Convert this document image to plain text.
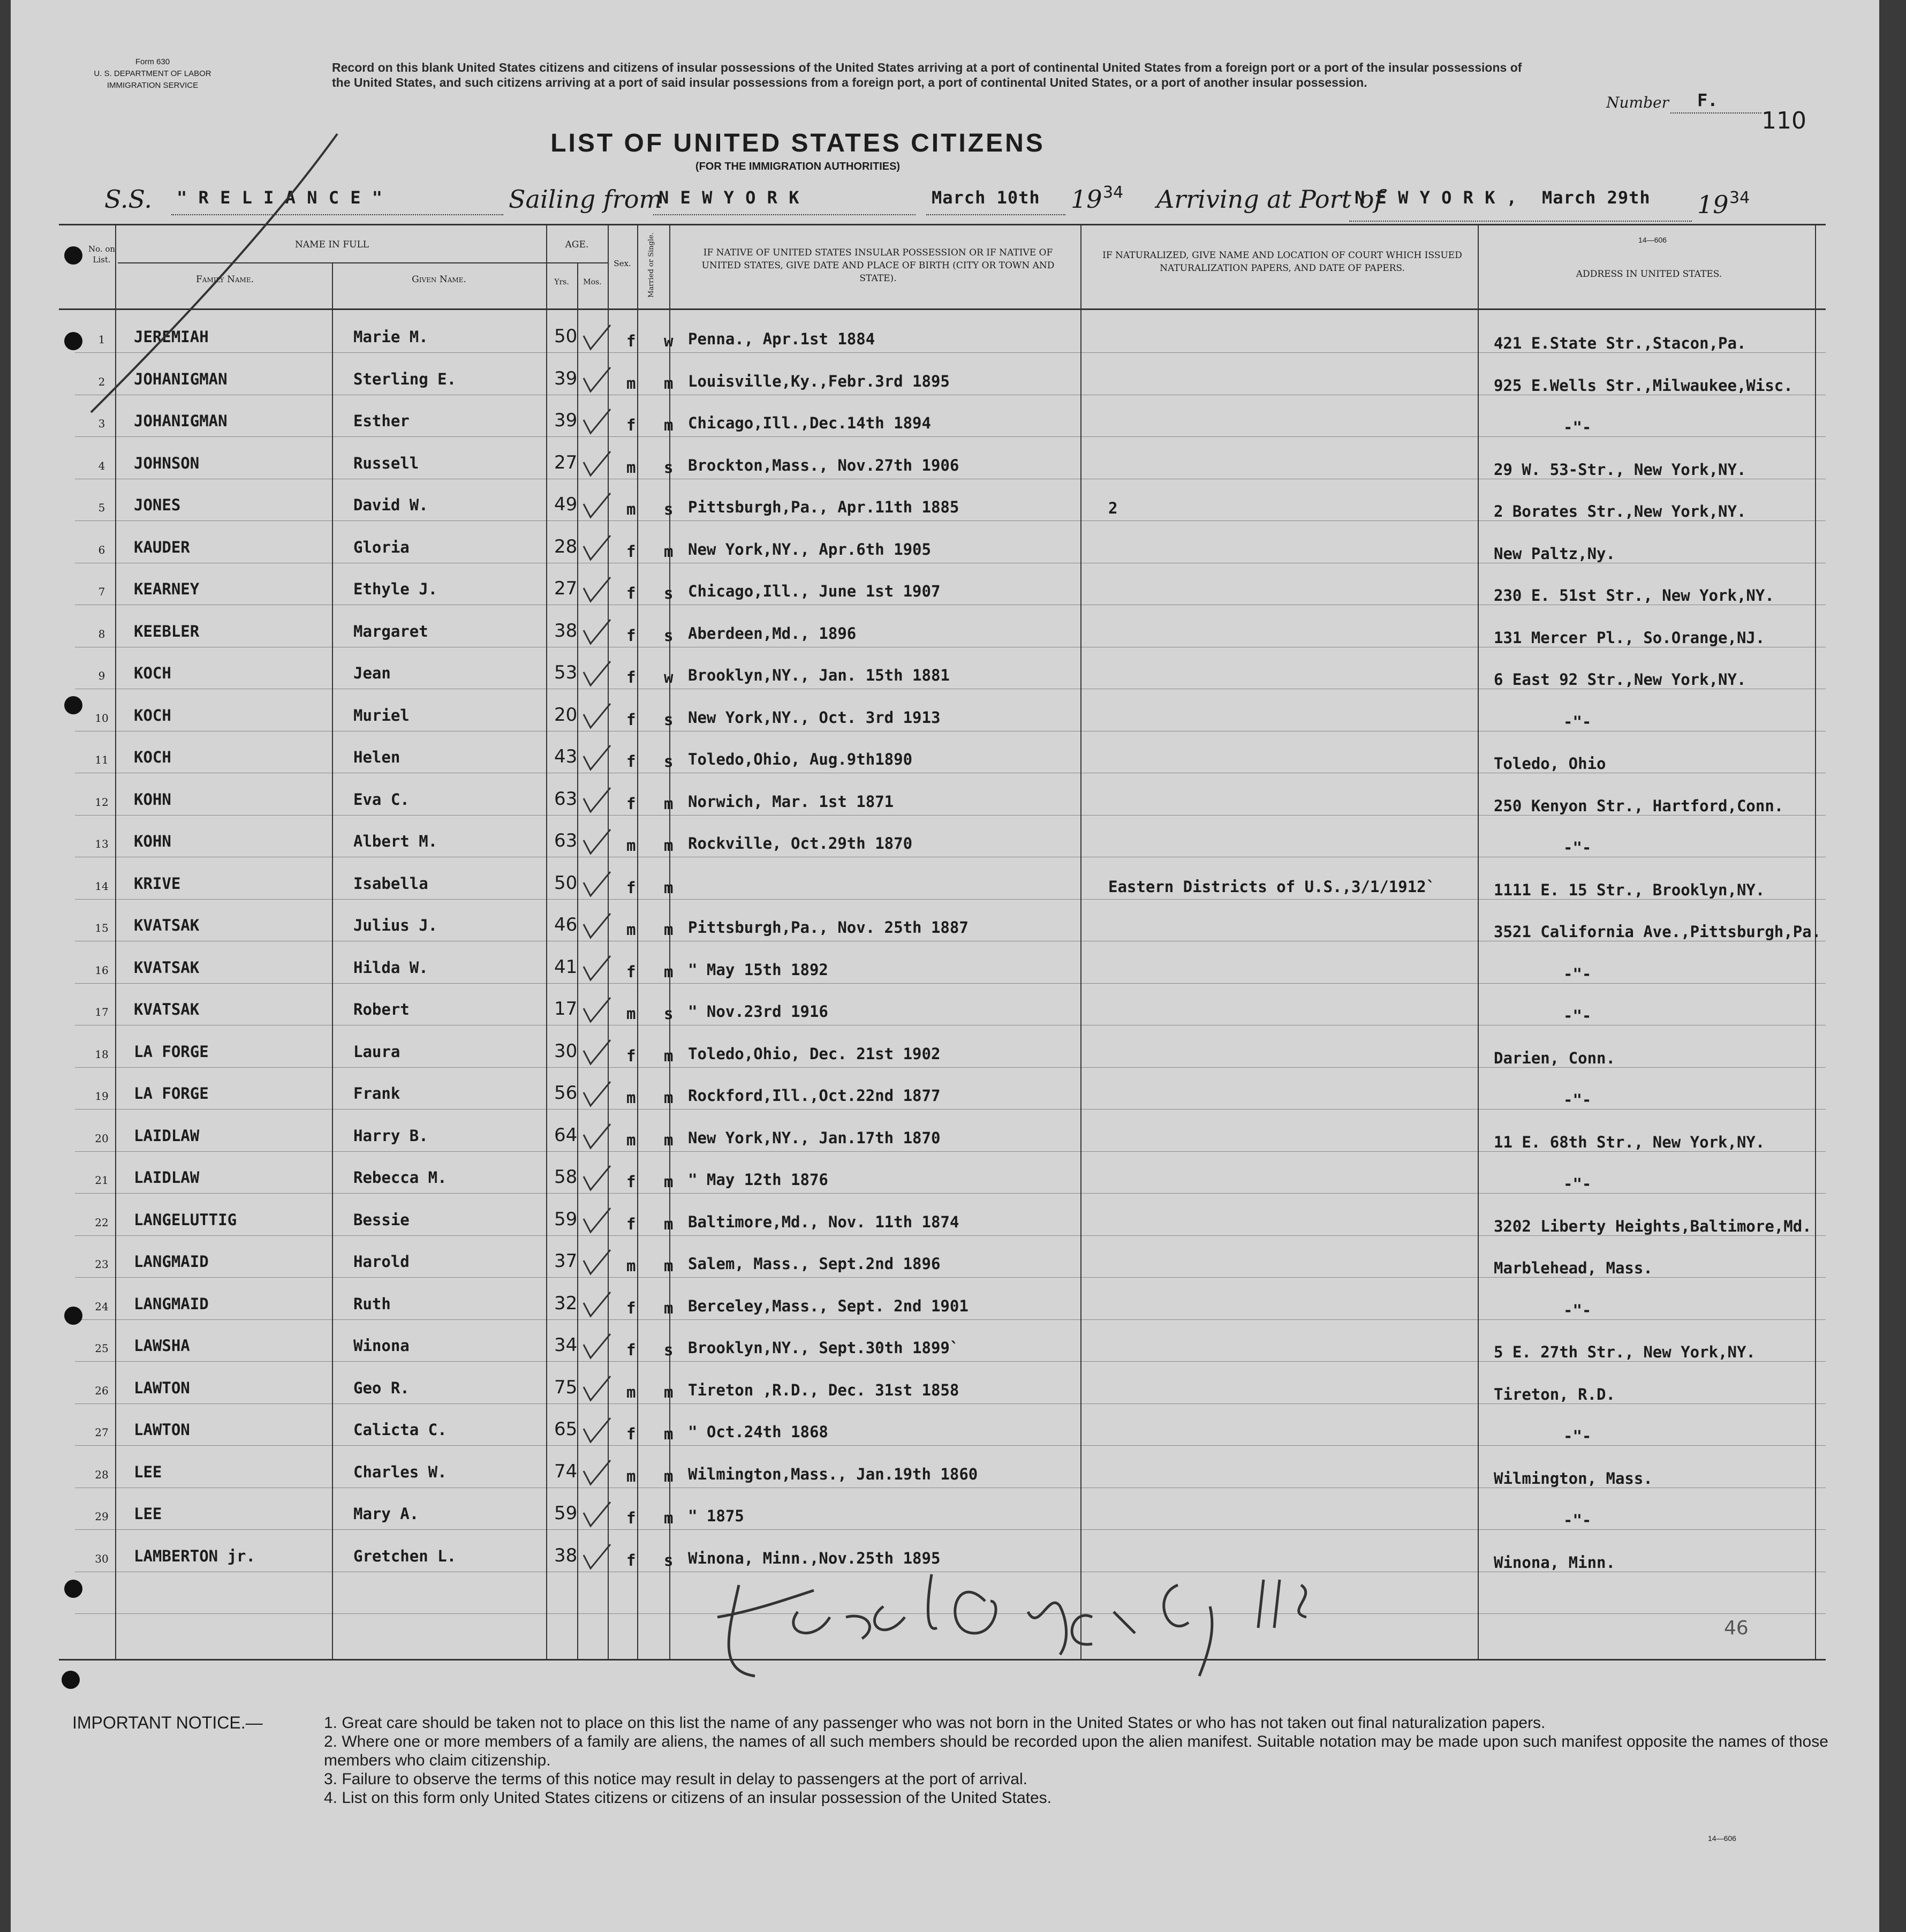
Form 630
U. S. DEPARTMENT OF LABOR
IMMIGRATION SERVICE
Record on this blank United States citizens and citizens of insular possessions of the United States arriving at a port of continental United States from a foreign port or a port of the insular possessions of the United States, and such citizens arriving at a port of said insular possessions from a foreign port, a port of continental United States, or a port of another insular possession.
Number F.
110
LIST OF UNITED STATES CITIZENS
(FOR THE IMMIGRATION AUTHORITIES)
S.S. " R E L I A N C E "	Sailing from
N E W Y O R K	March 10th 19 34 Arriving at Port of
N E W Y O R K , March 29th 19 34
14—606
No. on List.
NAME IN FULL
Family Name.	Given Name.
AGE.
Yrs.	Mos.
Sex.	Married or Single.	IF NATIVE OF UNITED STATES INSULAR POSSESSION OR IF NATIVE OF UNITED STATES, GIVE DATE AND PLACE OF BIRTH (CITY OR TOWN AND STATE).
IF NATURALIZED, GIVE NAME AND LOCATION OF COURT WHICH ISSUED NATURALIZATION PAPERS, AND DATE OF PAPERS.
ADDRESS IN UNITED STATES.
1	JEREMIAH	Marie M.	50	f w Penna., Apr.1st 1884	421 E.State Str.,Stacon,Pa.
2	JOHANIGMAN	Sterling E.	39	m m Louisville,Ky.,Febr.3rd 1895	925 E.Wells Str.,Milwaukee,Wisc.
3	JOHANIGMAN	Esther	39	f m Chicago,Ill.,Dec.14th 1894	-"-
4	JOHNSON	Russell	27	m s Brockton,Mass., Nov.27th 1906	29 W. 53-Str., New York,NY.
5	JONES	David W.	49	m s Pittsburgh,Pa., Apr.11th 1885	2	2 Borates Str.,New York,NY.
6	KAUDER	Gloria	28	f m New York,NY., Apr.6th 1905	New Paltz,Ny.
7	KEARNEY	Ethyle J.	27	f s Chicago,Ill., June 1st 1907	230 E. 51st Str., New York,NY.
8	KEEBLER	Margaret	38	f s Aberdeen,Md., 1896	131 Mercer Pl., So.Orange,NJ.
9	KOCH	Jean	53	f w Brooklyn,NY., Jan. 15th 1881	6 East 92 Str.,New York,NY.
10	KOCH	Muriel	20	f s New York,NY., Oct. 3rd 1913	-"-
11	KOCH	Helen	43	f s Toledo,Ohio, Aug.9th1890	Toledo, Ohio
12	KOHN	Eva C.	63	f m Norwich, Mar. 1st 1871	250 Kenyon Str., Hartford,Conn.
13	KOHN	Albert M.	63	m m Rockville, Oct.29th 1870	-"-
14	KRIVE	Isabella	50	f m	Eastern Districts of U.S.,3/1/1912`	1111 E. 15 Str., Brooklyn,NY.
15	KVATSAK	Julius J.	46	m m Pittsburgh,Pa., Nov. 25th 1887	3521 California Ave.,Pittsburgh,Pa.
16	KVATSAK	Hilda W.	41	f m " May 15th 1892	-"-
17	KVATSAK	Robert	17	m s " Nov.23rd 1916	-"-
18	LA FORGE	Laura	30	f m Toledo,Ohio, Dec. 21st 1902	Darien, Conn.
19	LA FORGE	Frank	56	m m Rockford,Ill.,Oct.22nd 1877	-"-
20	LAIDLAW	Harry B.	64	m m New York,NY., Jan.17th 1870	11 E. 68th Str., New York,NY.
21	LAIDLAW	Rebecca M.	58	f m " May 12th 1876	-"-
22	LANGELUTTIG	Bessie	59	f m Baltimore,Md., Nov. 11th 1874	3202 Liberty Heights,Baltimore,Md.
23	LANGMAID	Harold	37	m m Salem, Mass., Sept.2nd 1896	Marblehead, Mass.
24	LANGMAID	Ruth	32	f m Berceley,Mass., Sept. 2nd 1901	-"-
25	LAWSHA	Winona	34	f s Brooklyn,NY., Sept.30th 1899`	5 E. 27th Str., New York,NY.
26	LAWTON	Geo R.	75	m m Tireton ,R.D., Dec. 31st 1858	Tireton, R.D.
27	LAWTON	Calicta C.	65	f m " Oct.24th 1868	-"-
28	LEE	Charles W.	74	m m Wilmington,Mass., Jan.19th 1860	Wilmington, Mass.
29	LEE	Mary A.	59	f m " 1875	-"-
30	LAMBERTON jr.	Gretchen L.	38	f s Winona, Minn.,Nov.25th 1895	Winona, Minn.
46
IMPORTANT NOTICE.—	1. Great care should be taken not to place on this list the name of any passenger who was not born in the United States or who has not taken out final naturalization papers.
2. Where one or more members of a family are aliens, the names of all such members should be recorded upon the alien manifest. Suitable notation may be made upon such manifest opposite the names of those members who claim citizenship.
3. Failure to observe the terms of this notice may result in delay to passengers at the port of arrival.
4. List on this form only United States citizens or citizens of an insular possession of the United States.
14—606
